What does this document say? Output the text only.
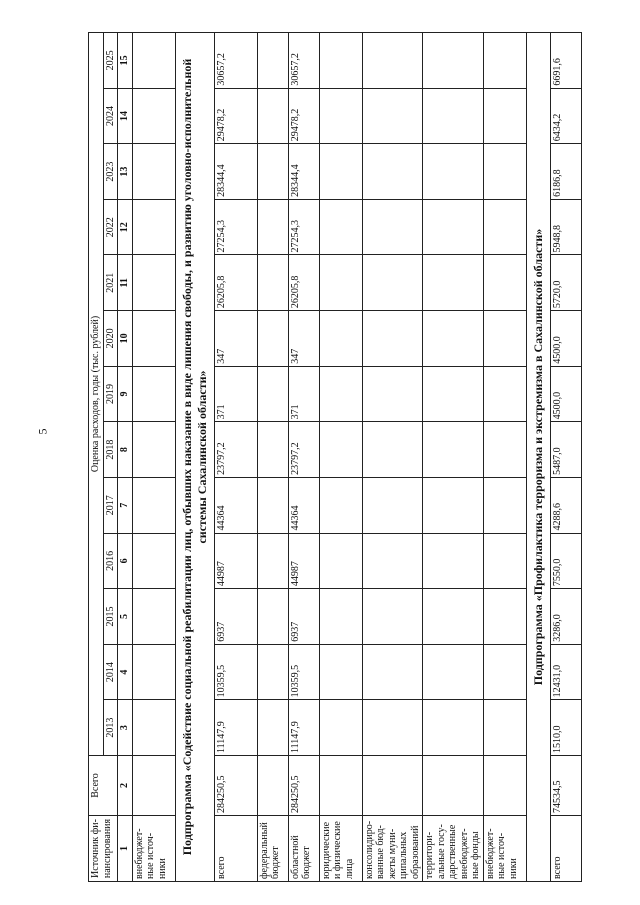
5
Источник фи-нансирования	Всего	Оценка расходов, годы (тыс. рублей)												
		2013	2014	2015	2016	2017	2018	2019	2020	2021	2022	2023	2024	2025
1	2	3	4	5	6	7	8	9	10	11	12	13	14	15
внебюджет-ные источ-ники														
Подпрограмма «Содействие социальной реабилитации лиц, отбывших наказание в виде лишения свободы, и развитию уголовно-исполнительной системы Сахалинской области»														
всего	284250,5	11147,9	10359,5	6937	44987	44364	23797,2	371	347	26205,8	27254,3	28344,4	29478,2	30657,2
федеральный бюджет														
областной бюджет	284250,5	11147,9	10359,5	6937	44987	44364	23797,2	371	347	26205,8	27254,3	28344,4	29478,2	30657,2
юридические и физические лица														
консолидиро-ванные бюд-жеты муни-ципальных образований														
территори-альные госу-дарственные внебюджет-ные фонды														
внебюджет-ные источ-ники														
Подпрограмма «Профилактика терроризма и экстремизма в Сахалинской области»														
всего	74534,5	1510,0	12431,0	3286,0	7550,0	4288,6	5487,0	4500,0	4500,0	5720,0	5948,8	6186,8	6434,2	6691,6
